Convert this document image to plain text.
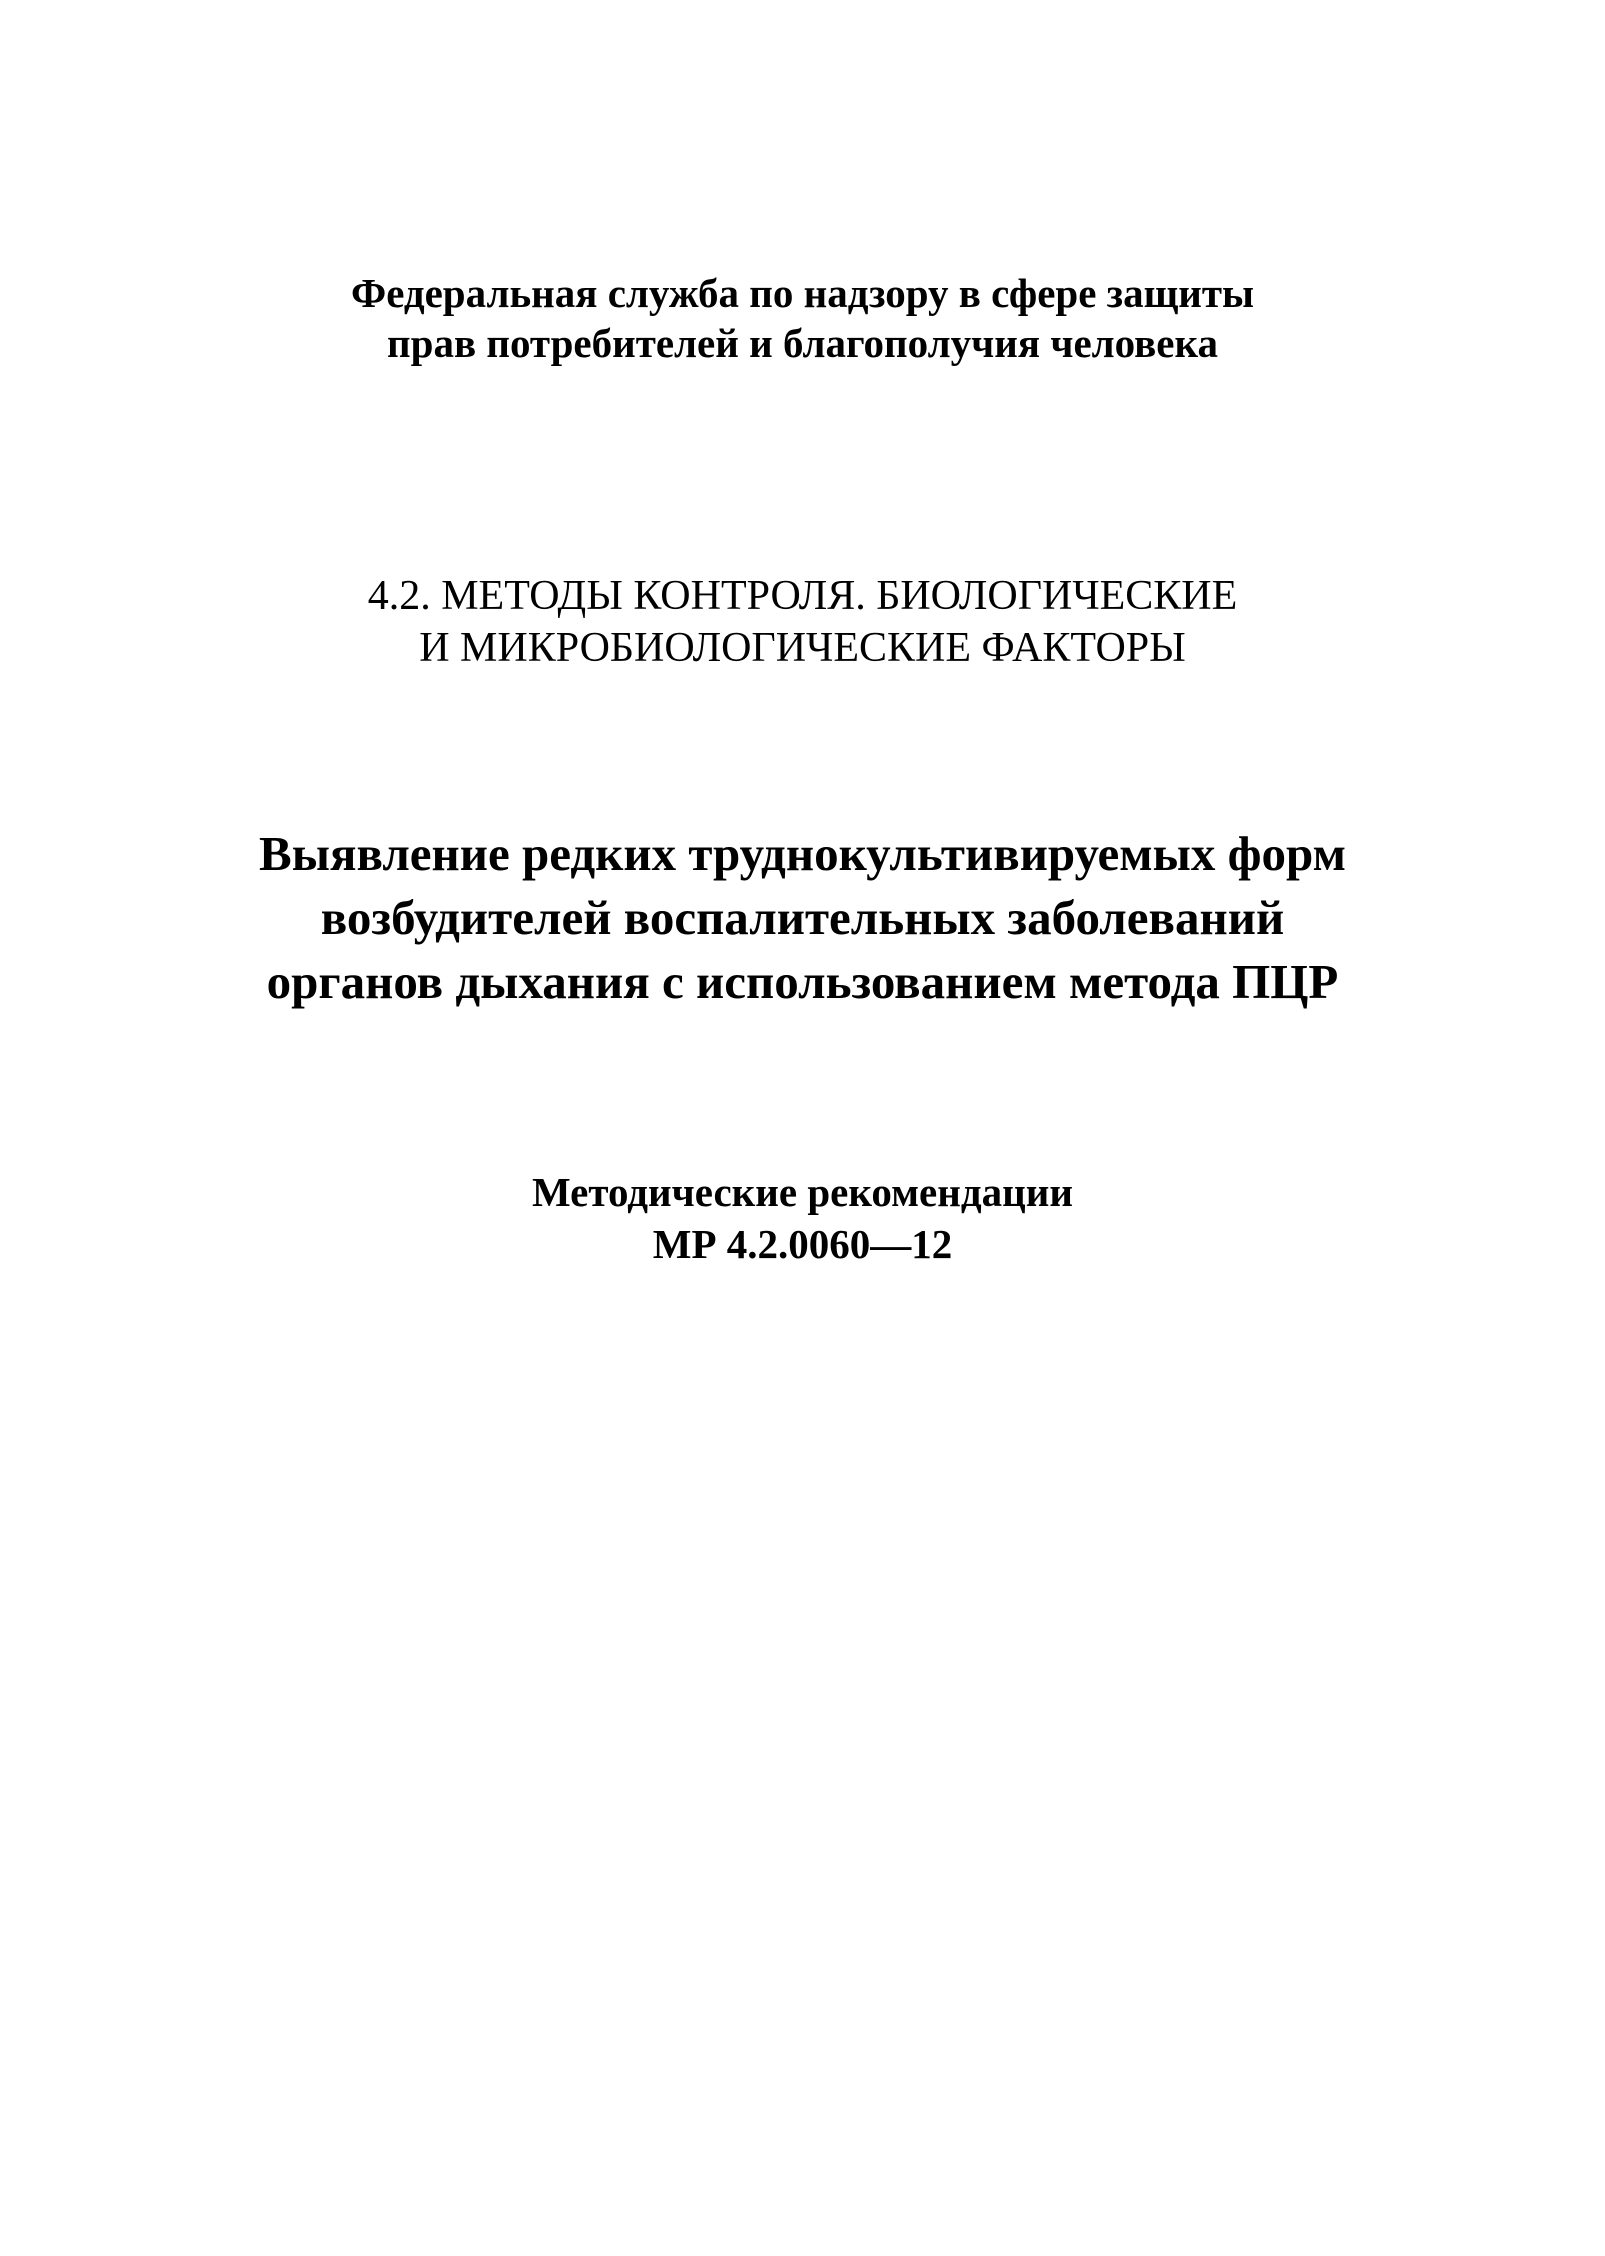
Федеральная служба по надзору в сфере защиты
прав потребителей и благополучия человека
4.2. МЕТОДЫ КОНТРОЛЯ. БИОЛОГИЧЕСКИЕ
И МИКРОБИОЛОГИЧЕСКИЕ ФАКТОРЫ
Выявление редких труднокультивируемых форм
возбудителей воспалительных заболеваний
органов дыхания с использованием метода ПЦР
Методические рекомендации
МР 4.2.0060—12
